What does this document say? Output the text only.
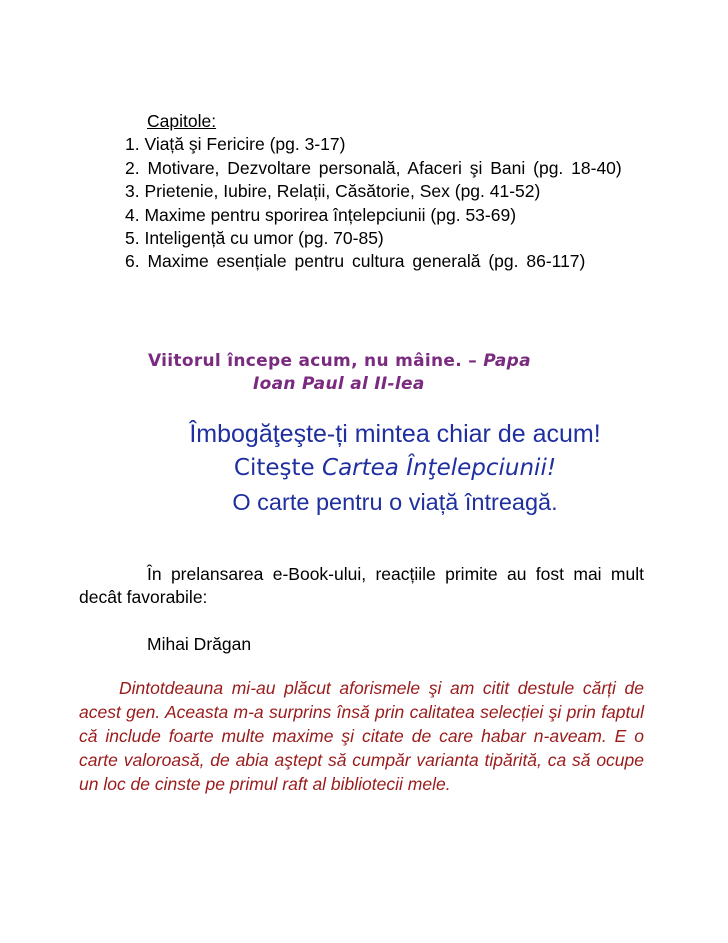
Capitole:
1. Viață şi Fericire (pg. 3-17)
2. Motivare, Dezvoltare personală, Afaceri şi Bani (pg. 18-40)
3. Prietenie, Iubire, Relații, Căsătorie, Sex (pg. 41-52)
4. Maxime pentru sporirea înțelepciunii (pg. 53-69)
5. Inteligență cu umor (pg. 70-85)
6. Maxime esențiale pentru cultura generală (pg. 86-117)
Viitorul începe acum, nu mâine. – Papa
Ioan Paul al II-lea

Îmbogăţeşte-ți mintea chiar de acum!

Citeşte Cartea Înţelepciunii!

O carte pentru o viață întreagă.

În prelansarea e-Book-ului, reacțiile primite au fost mai mult decât favorabile:
Mihai Drăgan
Dintotdeauna mi-au plăcut aforismele şi am citit destule cărți de acest gen. Aceasta m-a surprins însă prin calitatea selecției şi prin faptul că include foarte multe maxime şi citate de care habar n-aveam. E o carte valoroasă, de abia aştept să cumpăr varianta tipărită, ca să ocupe un loc de cinste pe primul raft al bibliotecii mele.
